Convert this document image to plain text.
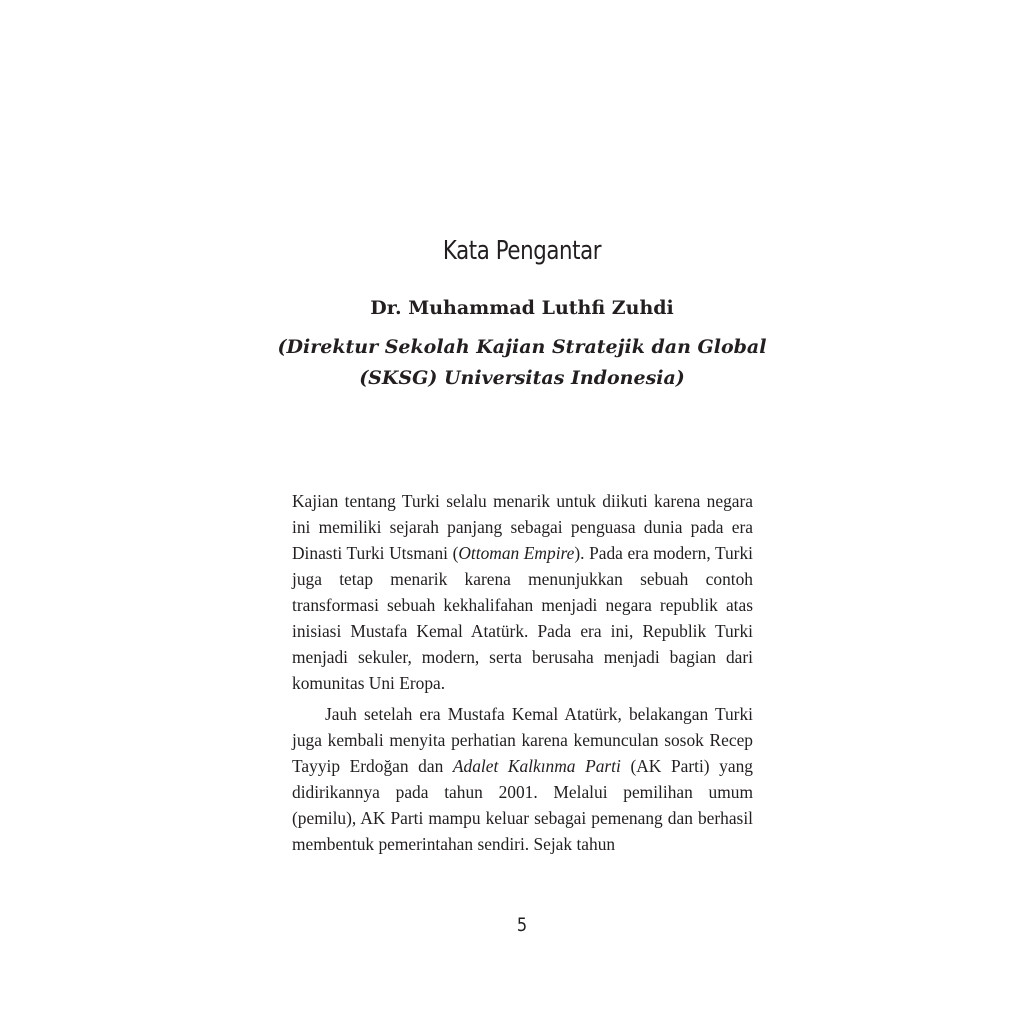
Kata Pengantar
Dr. Muhammad Luthfi Zuhdi
(Direktur Sekolah Kajian Stratejik dan Global
(SKSG) Universitas Indonesia)

Kajian tentang Turki selalu menarik untuk diikuti karena negara ini memiliki sejarah panjang sebagai penguasa dunia pada era Dinasti Turki Utsmani (Ottoman Empire). Pada era modern, Turki juga tetap menarik karena menunjukkan sebuah contoh transformasi sebuah kekhalifahan menjadi negara republik atas inisiasi Mustafa Kemal Atatürk. Pada era ini, Republik Turki menjadi sekuler, modern, serta berusaha menjadi bagian dari komunitas Uni Eropa.

Jauh setelah era Mustafa Kemal Atatürk, belakangan Turki juga kembali menyita perhatian karena kemunculan sosok Recep Tayyip Erdoğan dan Adalet Kalkınma Parti (AK Parti) yang didirikannya pada tahun 2001. Melalui pemilihan umum (pemilu), AK Parti mampu keluar sebagai pemenang dan berhasil membentuk pemerintahan sendiri. Sejak tahun

5
